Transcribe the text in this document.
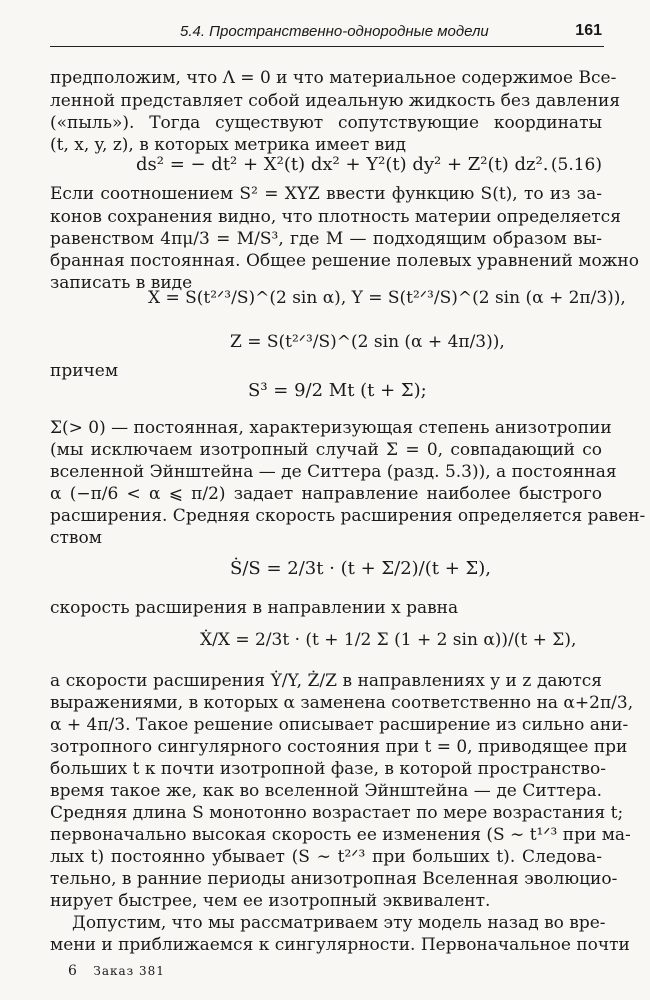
5.4. Пространственно-однородные модели	161
предположим, что Λ = 0 и что материальное содержимое Все-
ленной представляет собой идеальную жидкость без давления
(«пыль»). Тогда существуют сопутствующие координаты
(t, x, y, z), в которых метрика имеет вид
ds² = − dt² + X²(t) dx² + Y²(t) dy² + Z²(t) dz². (5.16)
Если соотношением S² = XYZ ввести функцию S(t), то из за-
конов сохранения видно, что плотность материи определяется
равенством 4πμ/3 = M/S³, где M — подходящим образом вы-
бранная постоянная. Общее решение полевых уравнений можно
записать в виде
X = S(t²ᐟ³/S)^(2 sin α), Y = S(t²ᐟ³/S)^(2 sin (α + 2π/3)),
Z = S(t²ᐟ³/S)^(2 sin (α + 4π/3)),
причем
S³ = 9/2 Mt (t + Σ);
Σ(> 0) — постоянная, характеризующая степень анизотропии
(мы исключаем изотропный случай Σ = 0, совпадающий со
вселенной Эйнштейна — де Ситтера (разд. 5.3)), а постоянная
α (−π/6 < α ⩽ π/2) задает направление наиболее быстрого
расширения. Средняя скорость расширения определяется равен-
ством
Ṡ/S = 2/3t · (t + Σ/2)/(t + Σ),
скорость расширения в направлении x равна
Ẋ/X = 2/3t · (t + 1/2 Σ (1 + 2 sin α))/(t + Σ),
а скорости расширения Ẏ/Y, Ż/Z в направлениях y и z даются
выражениями, в которых α заменена соответственно на α+2π/3,
α + 4π/3. Такое решение описывает расширение из сильно ани-
зотропного сингулярного состояния при t = 0, приводящее при
больших t к почти изотропной фазе, в которой пространство-
время такое же, как во вселенной Эйнштейна — де Ситтера.
Средняя длина S монотонно возрастает по мере возрастания t;
первоначально высокая скорость ее изменения (S ∼ t¹ᐟ³ при ма-
лых t) постоянно убывает (S ∼ t²ᐟ³ при больших t). Следова-
тельно, в ранние периоды анизотропная Вселенная эволюцио-
нирует быстрее, чем ее изотропный эквивалент.
Допустим, что мы рассматриваем эту модель назад во вре-
6 Заказ 381
мени и приближаемся к сингулярности. Первоначальное почти
